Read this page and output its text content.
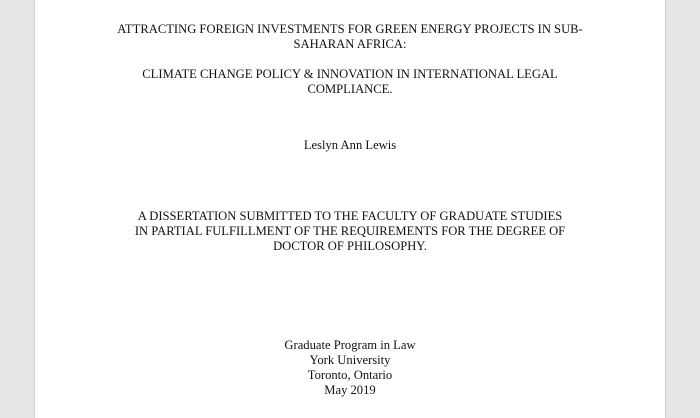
ATTRACTING FOREIGN INVESTMENTS FOR GREEN ENERGY PROJECTS IN SUB-
SAHARAN AFRICA:
CLIMATE CHANGE POLICY & INNOVATION IN INTERNATIONAL LEGAL
COMPLIANCE.
Leslyn Ann Lewis
A DISSERTATION SUBMITTED TO THE FACULTY OF GRADUATE STUDIES
IN PARTIAL FULFILLMENT OF THE REQUIREMENTS FOR THE DEGREE OF
DOCTOR OF PHILOSOPHY.
Graduate Program in Law
York University
Toronto, Ontario
May 2019
